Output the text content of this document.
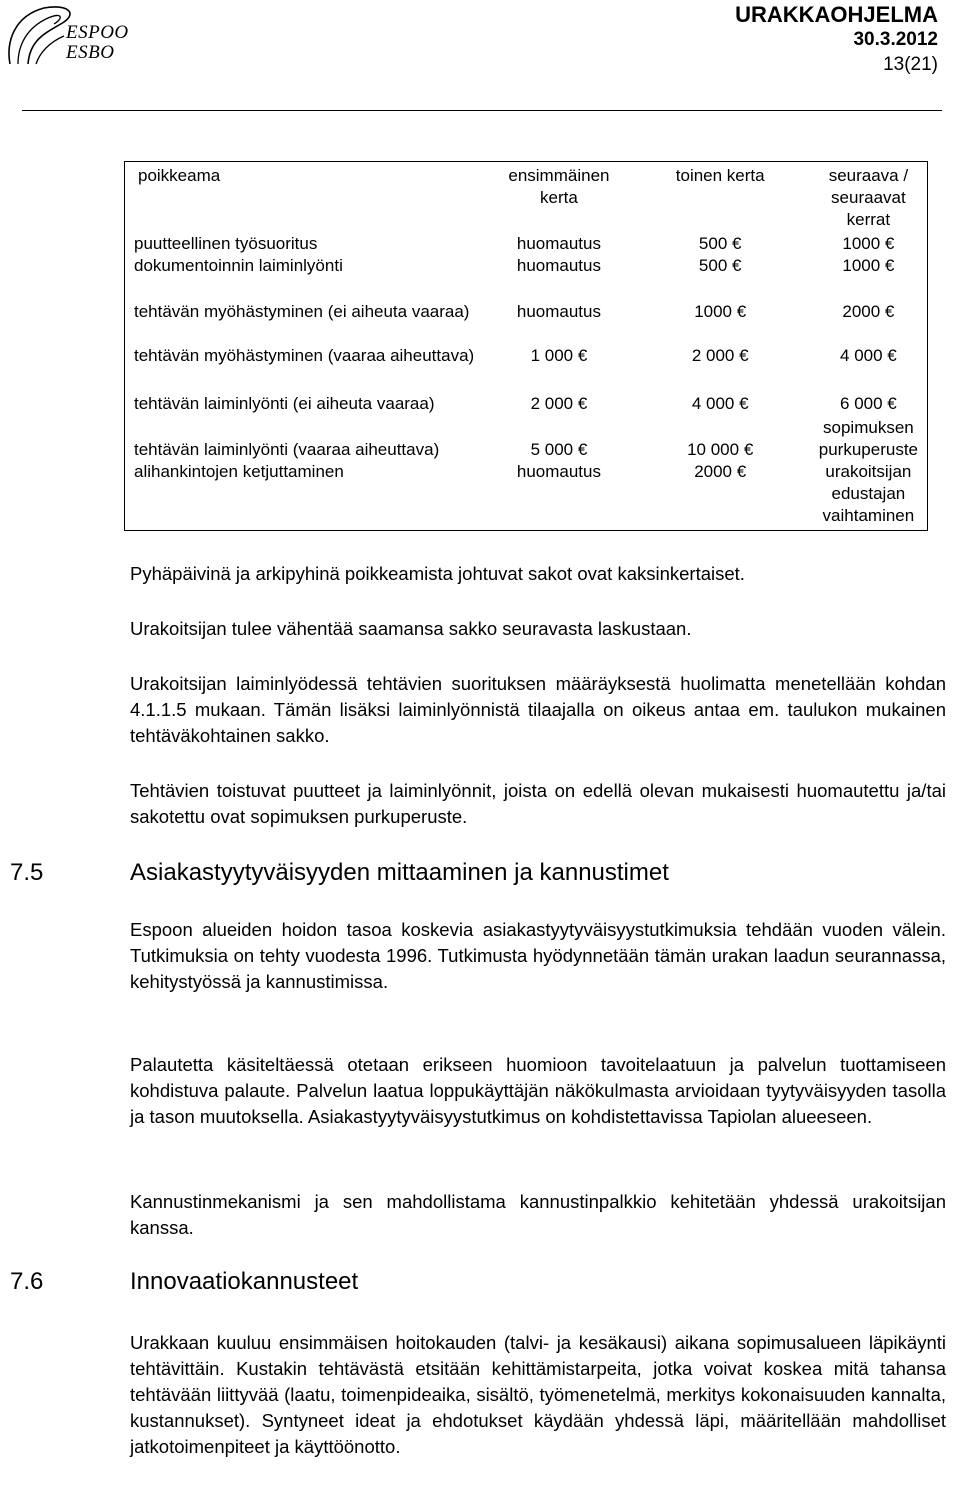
ESPOO
ESBO
URAKKAOHJELMA
30.3.2012
13(21)
poikkeama	ensimmäinen kerta	toinen kerta	seuraava / seuraavat kerrat
puutteellinen työsuoritus	huomautus	500 €	1000 €
dokumentoinnin laiminlyönti	huomautus	500 €	1000 €
tehtävän myöhästyminen (ei aiheuta vaaraa)	huomautus	1000 €	2000 €
tehtävän myöhästyminen (vaaraa aiheuttava)	1 000 €	2 000 €	4 000 €
tehtävän laiminlyönti (ei aiheuta vaaraa)	2 000 €	4 000 €	6 000 €
tehtävän laiminlyönti (vaaraa aiheuttava)	5 000 €	10 000 €	sopimuksen purkuperuste
alihankintojen ketjuttaminen	huomautus	2000 €	urakoitsijan edustajan vaihtaminen
Pyhäpäivinä ja arkipyhinä poikkeamista johtuvat sakot ovat kaksinkertaiset.
Urakoitsijan tulee vähentää saamansa sakko seuravasta laskustaan.
Urakoitsijan laiminlyödessä tehtävien suorituksen määräyksestä huolimatta menetellään kohdan 4.1.1.5 mukaan. Tämän lisäksi laiminlyönnistä tilaajalla on oikeus antaa em. taulukon mukainen tehtäväkohtainen sakko.
Tehtävien toistuvat puutteet ja laiminlyönnit, joista on edellä olevan mukaisesti huomautettu ja/tai sakotettu ovat sopimuksen purkuperuste.
7.5	Asiakastyytyväisyyden mittaaminen ja kannustimet
Espoon alueiden hoidon tasoa koskevia asiakastyytyväisyystutkimuksia tehdään vuoden välein. Tutkimuksia on tehty vuodesta 1996. Tutkimusta hyödynnetään tämän urakan laadun seurannassa, kehitystyössä ja kannustimissa.
Palautetta käsiteltäessä otetaan erikseen huomioon tavoitelaatuun ja palvelun tuottamiseen kohdistuva palaute. Palvelun laatua loppukäyttäjän näkökulmasta arvioidaan tyytyväisyyden tasolla ja tason muutoksella. Asiakastyytyväisyystutkimus on kohdistettavissa Tapiolan alueeseen.
Kannustinmekanismi ja sen mahdollistama kannustinpalkkio kehitetään yhdessä urakoitsijan kanssa.
7.6	Innovaatiokannusteet
Urakkaan kuuluu ensimmäisen hoitokauden (talvi- ja kesäkausi) aikana sopimusalueen läpikäynti tehtävittäin. Kustakin tehtävästä etsitään kehittämistarpeita, jotka voivat koskea mitä tahansa tehtävään liittyvää (laatu, toimenpideaika, sisältö, työmenetelmä, merkitys kokonaisuuden kannalta, kustannukset). Syntyneet ideat ja ehdotukset käydään yhdessä läpi, määritellään mahdolliset jatkotoimenpiteet ja käyttöönotto.
